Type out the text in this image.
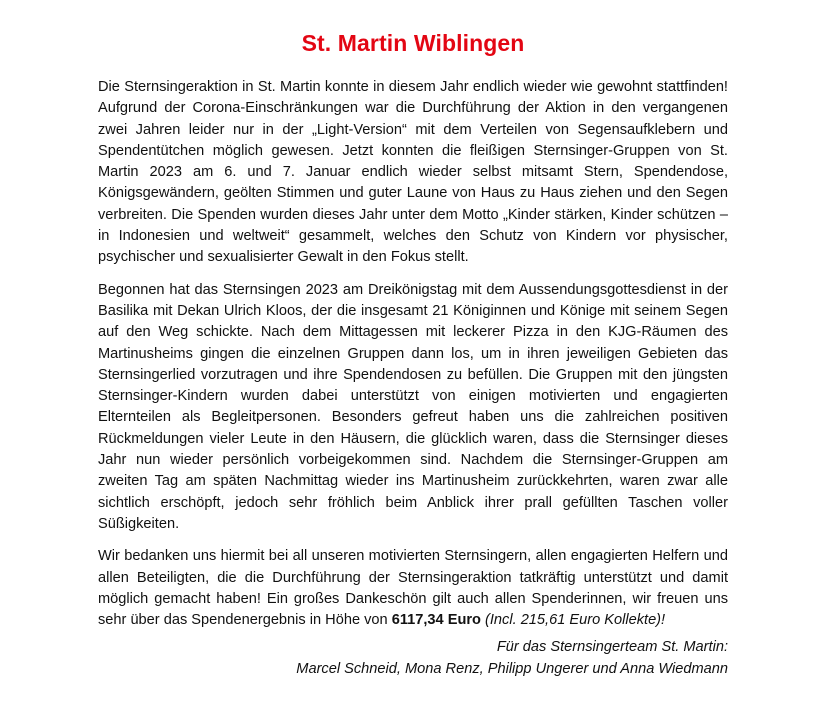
St. Martin Wiblingen

Die Sternsingeraktion in St. Martin konnte in diesem Jahr endlich wieder wie gewohnt stattfinden! Aufgrund der Corona-Einschränkungen war die Durchführung der Aktion in den vergangenen zwei Jahren leider nur in der „Light-Version“ mit dem Verteilen von Segensaufklebern und Spendentütchen möglich gewesen. Jetzt konnten die fleißigen Sternsinger-Gruppen von St. Martin 2023 am 6. und 7. Januar endlich wieder selbst mitsamt Stern, Spendendose, Königsgewändern, geölten Stimmen und guter Laune von Haus zu Haus ziehen und den Segen verbreiten. Die Spenden wurden dieses Jahr unter dem Motto „Kinder stärken, Kinder schützen – in Indonesien und weltweit“ gesammelt, welches den Schutz von Kindern vor physischer, psychischer und sexualisierter Gewalt in den Fokus stellt.

Begonnen hat das Sternsingen 2023 am Dreikönigstag mit dem Aussendungsgottesdienst in der Basilika mit Dekan Ulrich Kloos, der die insgesamt 21 Königinnen und Könige mit seinem Segen auf den Weg schickte. Nach dem Mittagessen mit leckerer Pizza in den KJG-Räumen des Martinusheims gingen die einzelnen Gruppen dann los, um in ihren jeweiligen Gebieten das Sternsingerlied vorzutragen und ihre Spendendosen zu befüllen. Die Gruppen mit den jüngsten Sternsinger-Kindern wurden dabei unterstützt von einigen motivierten und engagierten Elternteilen als Begleitpersonen. Besonders gefreut haben uns die zahlreichen positiven Rückmeldungen vieler Leute in den Häusern, die glücklich waren, dass die Sternsinger dieses Jahr nun wieder persönlich vorbeigekommen sind. Nachdem die Sternsinger-Gruppen am zweiten Tag am späten Nachmittag wieder ins Martinusheim zurückkehrten, waren zwar alle sichtlich erschöpft, jedoch sehr fröhlich beim Anblick ihrer prall gefüllten Taschen voller Süßigkeiten.

Wir bedanken uns hiermit bei all unseren motivierten Sternsingern, allen engagierten Helfern und allen Beteiligten, die die Durchführung der Sternsingeraktion tatkräftig unterstützt und damit möglich gemacht haben! Ein großes Dankeschön gilt auch allen Spenderinnen, wir freuen uns sehr über das Spendenergebnis in Höhe von 6117,34 Euro (Incl. 215,61 Euro Kollekte)!

Für das Sternsingerteam St. Martin:
Marcel Schneid, Mona Renz, Philipp Ungerer und Anna Wiedmann
